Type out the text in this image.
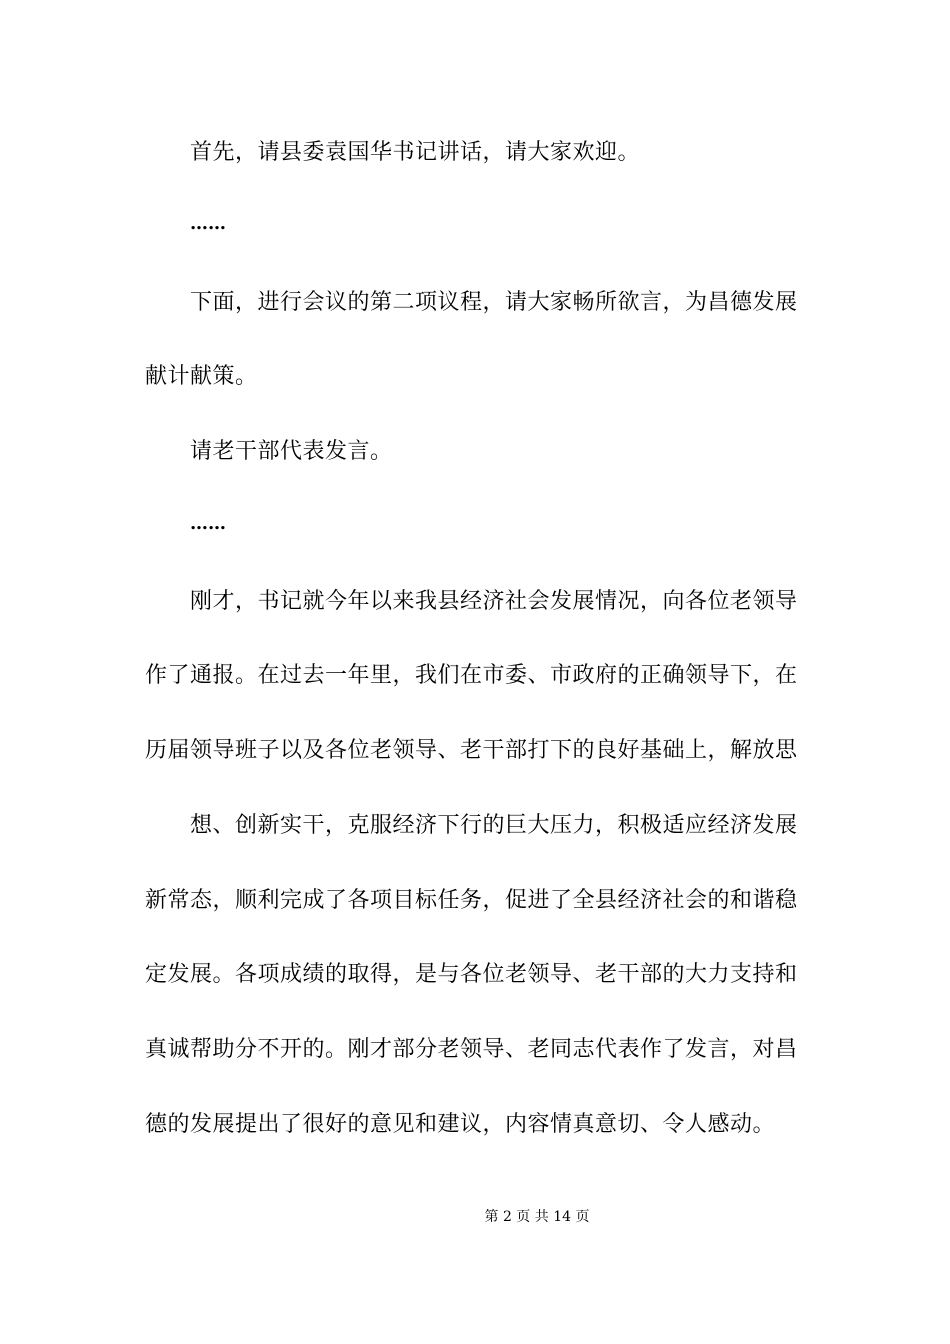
首先，请县委袁国华书记讲话，请大家欢迎。
……
下面，进行会议的第二项议程，请大家畅所欲言，为昌德发展
献计献策。
请老干部代表发言。
……
刚才，书记就今年以来我县经济社会发展情况，向各位老领导
作了通报。在过去一年里，我们在市委、市政府的正确领导下，在
历届领导班子以及各位老领导、老干部打下的良好基础上，解放思
想、创新实干，克服经济下行的巨大压力，积极适应经济发展
新常态，顺利完成了各项目标任务，促进了全县经济社会的和谐稳
定发展。各项成绩的取得，是与各位老领导、老干部的大力支持和
真诚帮助分不开的。刚才部分老领导、老同志代表作了发言，对昌
德的发展提出了很好的意见和建议，内容情真意切、令人感动。
第 2 页 共 14 页
